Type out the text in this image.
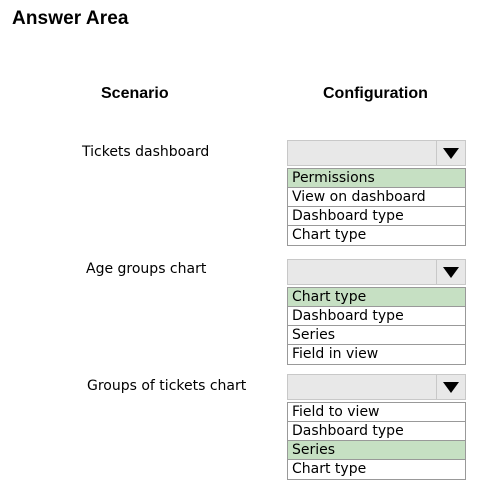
Answer Area
Scenario	Configuration
Tickets dashboard
Permissions
View on dashboard
Dashboard type
Chart type
Age groups chart
Chart type
Dashboard type
Series
Field in view
Groups of tickets chart
Field to view
Dashboard type
Series
Chart type
